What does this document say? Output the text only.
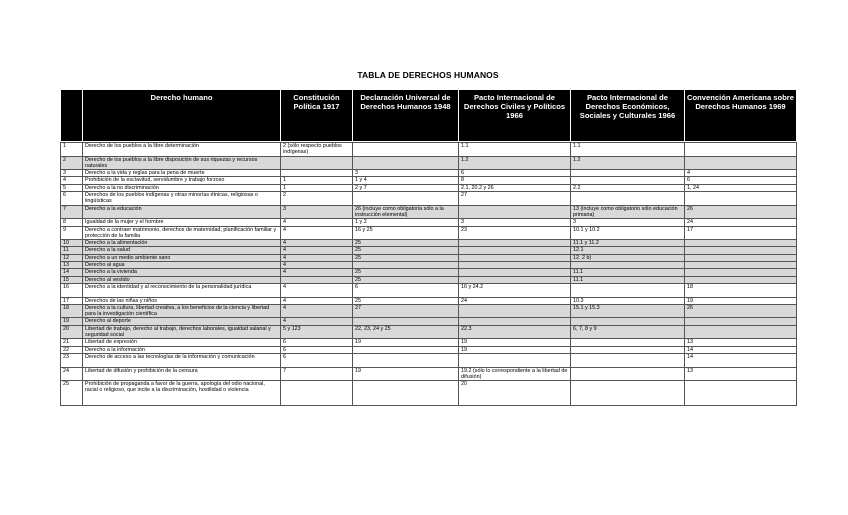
TABLA DE DERECHOS HUMANOS
	Derecho humano	Constitución Política 1917	Declaración Universal de Derechos Humanos 1948	Pacto Internacional de Derechos Civiles y Políticos 1966	Pacto Internacional de Derechos Económicos, Sociales y Culturales 1966	Convención Americana sobre Derechos Humanos 1969

1	Derecho de los pueblos a la libre determinación	2 (sólo respecto pueblos indígenas)		1.1	1.1	
2	Derecho de los pueblos a la libre disposición de sus riquezas y recursos naturales			1.2	1.2	
3	Derecho a la vida y reglas para la pena de muerte		3	6		4
4	Prohibición de la esclavitud, servidumbre y trabajo forzoso	1	1 y 4	8		6
5	Derecho a la no discriminación	1	2 y 7	2.1, 20.2 y 26	2.2	1, 24
6	Derechos de los pueblos indígenas y otras minorías étnicas, religiosas o lingüísticas	2		27		
7	Derecho a la educación	3	26 (incluye como obligatoria sólo a la instrucción elemental)		13 (incluye como obligatorio sólo educación primaria)	26
8	Igualdad de la mujer y el hombre	4	1 y 2	3	3	24
9	Derecho a contraer matrimonio, derechos de maternidad, planificación familiar y protección de la familia	4	16 y 25	23	10.1 y 10.2	17
10	Derecho a la alimentación	4	25		11.1 y 11.2	
11	Derecho a la salud	4	25		12.1	
12	Derecho a un medio ambiente sano	4	25		12. 2 b)	
13	Derecho al agua	4				
14	Derecho a la vivienda	4	25		11.1	
15	Derecho al vestido		25		11.1	
16	Derecho a la identidad y al reconocimiento de la personalidad jurídica	4	6	16 y 24.2		18
17	Derechos de las niñas y niños	4	25	24	10.3	19
18	Derecho a la cultura, libertad creativa, a los beneficios de la ciencia y libertad para la investigación científica	4	27		15.1 y 15.3	26
19	Derecho al deporte	4				
20	Libertad de trabajo, derecho al trabajo, derechos laborales, igualdad salarial y seguridad social	5 y 123	22, 23, 24 y 25	22.3	6, 7, 8 y 9	
21	Libertad de expresión	6	19	19		13
22	Derecho a la información	6		19		14
23	Derecho de acceso a las tecnologías de la información y comunicación	6				14
24	Libertad de difusión y prohibición de la censura	7	19	19.2 (sólo lo correspondiente a la libertad de difusión)		13
25	Prohibición de propaganda a favor de la guerra, apología del odio nacional, racial o religioso, que incite a la discriminación, hostilidad o violencia			20		
